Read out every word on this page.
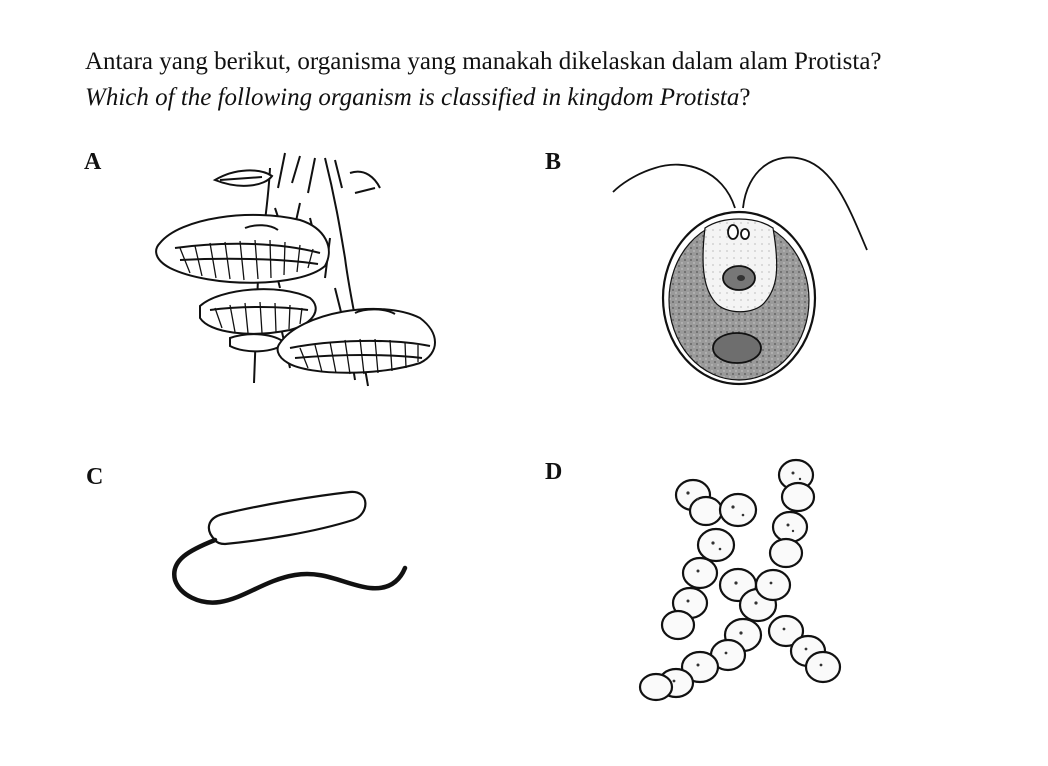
Antara yang berikut, organisma yang manakah dikelaskan dalam alam Protista?
Which of the following organism is classified in kingdom Protista?
A	B
C	D
